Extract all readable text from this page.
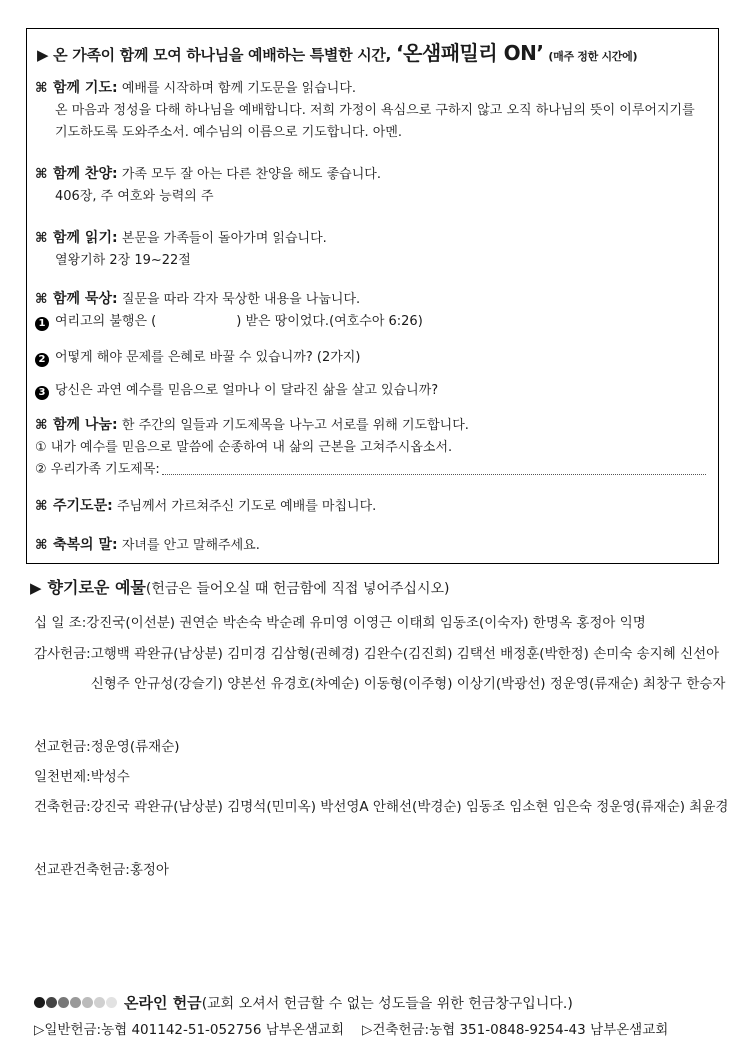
▶ 온 가족이 함께 모여 하나님을 예배하는 특별한 시간, ‘온샘패밀리 ON’ (매주 정한 시간에)
⌘ 함께 기도: 예배를 시작하며 함께 기도문을 읽습니다.
온 마음과 정성을 다해 하나님을 예배합니다. 저희 가정이 욕심으로 구하지 않고 오직 하나님의 뜻이 이루어지기를 기도하도록 도와주소서. 예수님의 이름으로 기도합니다. 아멘.
⌘ 함께 찬양: 가족 모두 잘 아는 다른 찬양을 해도 좋습니다.
406장, 주 여호와 능력의 주
⌘ 함께 읽기: 본문을 가족들이 돌아가며 읽습니다.
열왕기하 2장 19~22절
⌘ 함께 묵상: 질문을 따라 각자 묵상한 내용을 나눕니다.
1 여리고의 불행은 (	) 받은 땅이었다.(여호수아 6:26)
2 어떻게 해야 문제를 은혜로 바꿀 수 있습니까? (2가지)
3 당신은 과연 예수를 믿음으로 얼마나 이 달라진 삶을 살고 있습니까?
⌘ 함께 나눔: 한 주간의 일들과 기도제목을 나누고 서로를 위해 기도합니다.
① 내가 예수를 믿음으로 말씀에 순종하여 내 삶의 근본을 고쳐주시옵소서.
② 우리가족 기도제목:
⌘ 주기도문: 주님께서 가르쳐주신 기도로 예배를 마칩니다.
⌘ 축복의 말: 자녀를 안고 말해주세요.
▶ 향기로운 예물(헌금은 들어오실 때 헌금함에 직접 넣어주십시오)
십 일 조: 강진국(이선분) 권연순 박손숙 박순례 유미영 이영근 이태희 임동조(이숙자) 한명옥 홍정아 익명
감사헌금: 고행백 곽완규(남상분) 김미경 김삼형(권혜경) 김완수(김진희) 김택선 배정훈(박한정) 손미숙 송지혜 신선아 신형주 안규성(강슬기) 양본선 유경호(차예순) 이동형(이주형) 이상기(박광선) 정운영(류재순) 최창구 한승자
선교헌금: 정운영(류재순)
일천번제: 박성수
건축헌금: 강진국 곽완규(남상분) 김명석(민미옥) 박선영A 안해선(박경순) 임동조 임소현 임은숙 정운영(류재순) 최윤경
선교관건축헌금: 홍정아
온라인 헌금(교회 오셔서 헌금할 수 없는 성도들을 위한 헌금창구입니다.)
▷일반헌금:농협 401142-51-052756 남부온샘교회 ▷건축헌금:농협 351-0848-9254-43 남부온샘교회
